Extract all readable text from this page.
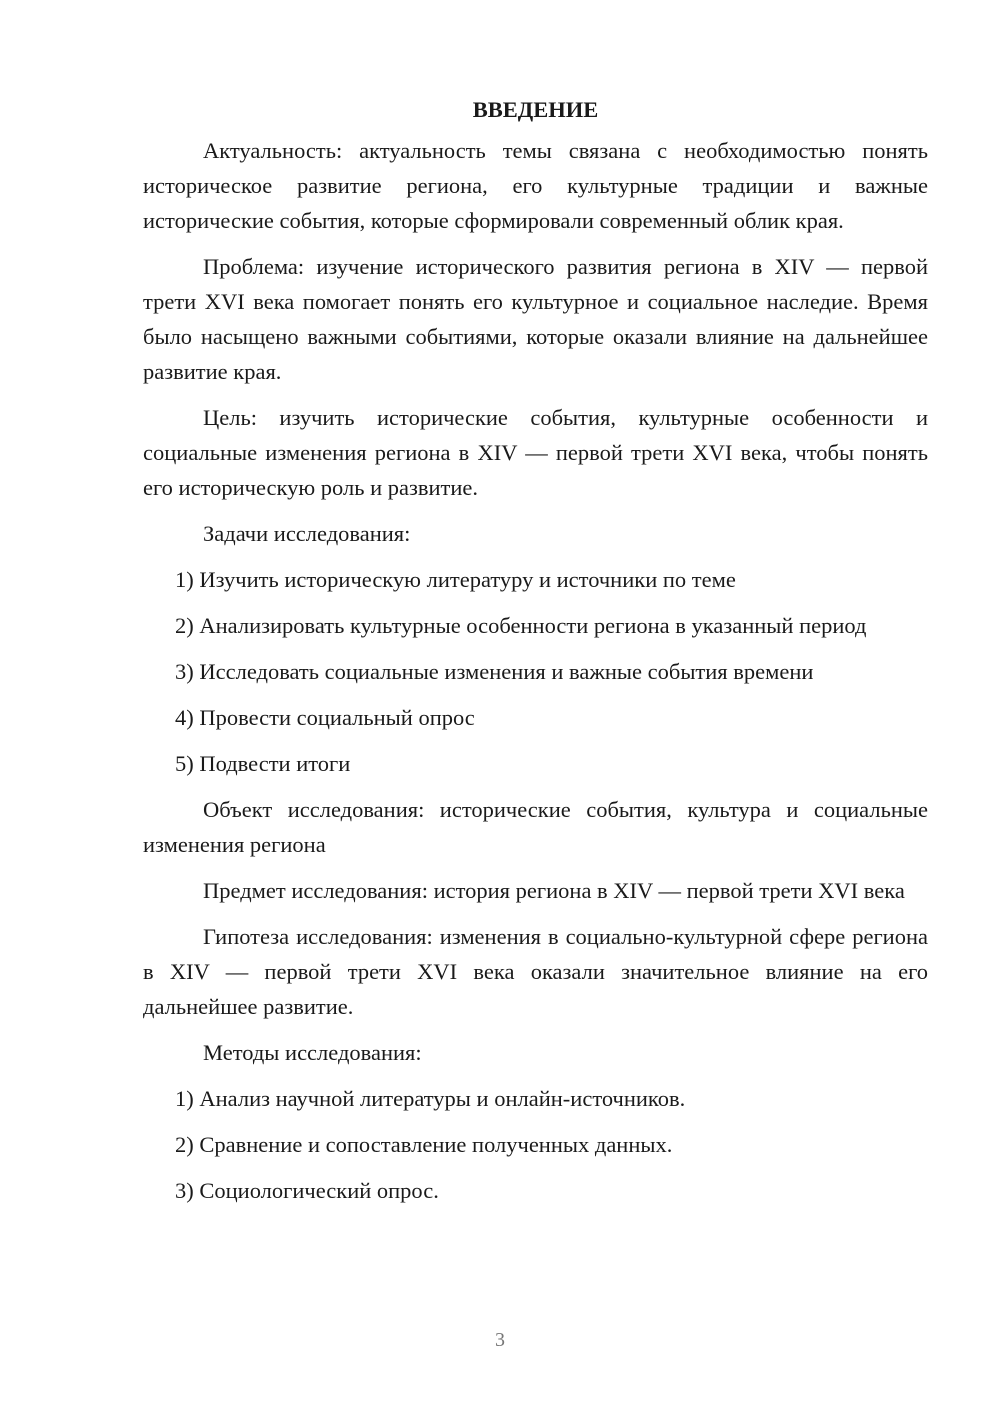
ВВЕДЕНИЕ

Актуальность: актуальность темы связана с необходимостью понять историческое развитие региона, его культурные традиции и важные исторические события, которые сформировали современный облик края.

Проблема: изучение исторического развития региона в XIV — первой трети XVI века помогает понять его культурное и социальное наследие. Время было насыщено важными событиями, которые оказали влияние на дальнейшее развитие края.

Цель: изучить исторические события, культурные особенности и социальные изменения региона в XIV — первой трети XVI века, чтобы понять его историческую роль и развитие.

Задачи исследования:

1) Изучить историческую литературу и источники по теме

2) Анализировать культурные особенности региона в указанный период

3) Исследовать социальные изменения и важные события времени

4) Провести социальный опрос

5) Подвести итоги

Объект исследования: исторические события, культура и социальные изменения региона

Предмет исследования: история региона в XIV — первой трети XVI века

Гипотеза исследования: изменения в социально-культурной сфере региона в XIV — первой трети XVI века оказали значительное влияние на его дальнейшее развитие.

Методы исследования:

1) Анализ научной литературы и онлайн-источников.

2) Сравнение и сопоставление полученных данных.

3) Социологический опрос.

3
